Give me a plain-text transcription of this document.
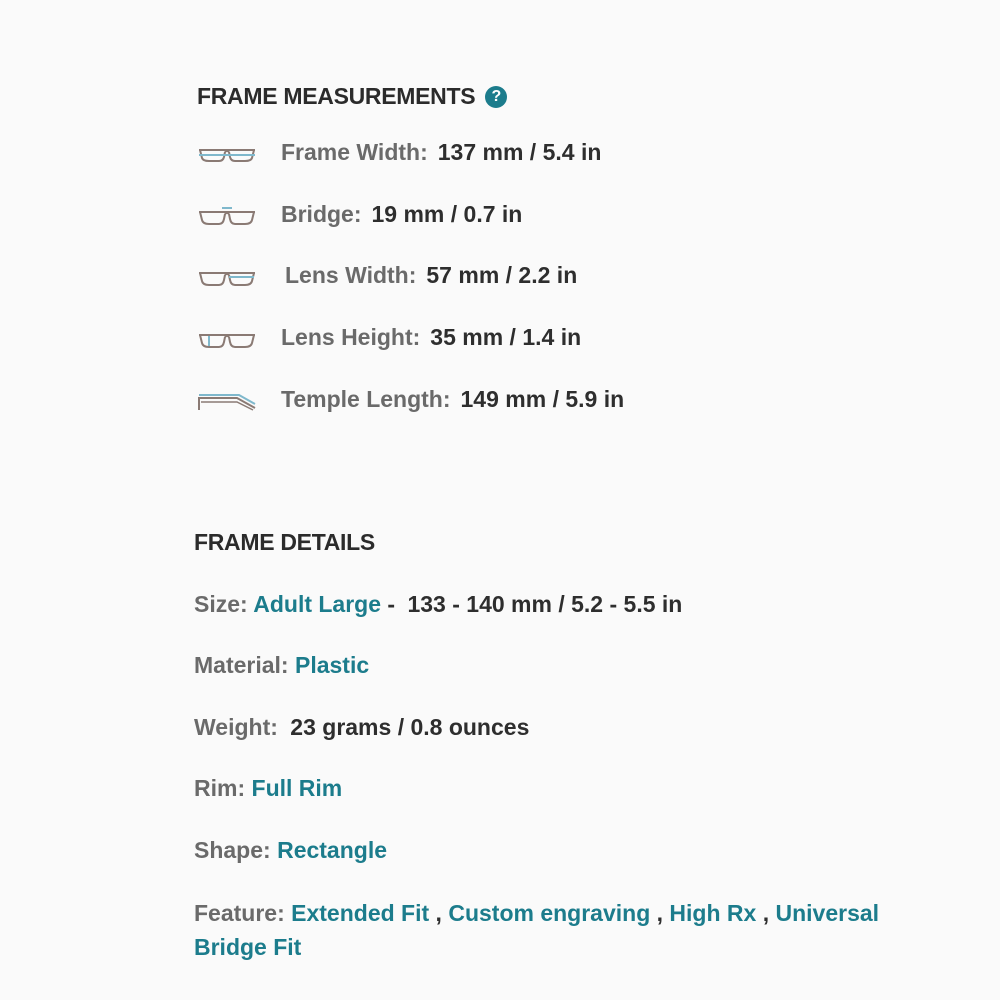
FRAME MEASUREMENTS	?
Frame Width: 137 mm / 5.4 in
Bridge: 19 mm / 0.7 in
Lens Width: 57 mm / 2.2 in
Lens Height: 35 mm / 1.4 in
Temple Length: 149 mm / 5.9 in
FRAME DETAILS
Size: Adult Large - 133 - 140 mm / 5.2 - 5.5 in
Material: Plastic
Weight: 23 grams / 0.8 ounces
Rim: Full Rim
Shape: Rectangle
Feature: Extended Fit , Custom engraving , High Rx , Universal Bridge Fit
